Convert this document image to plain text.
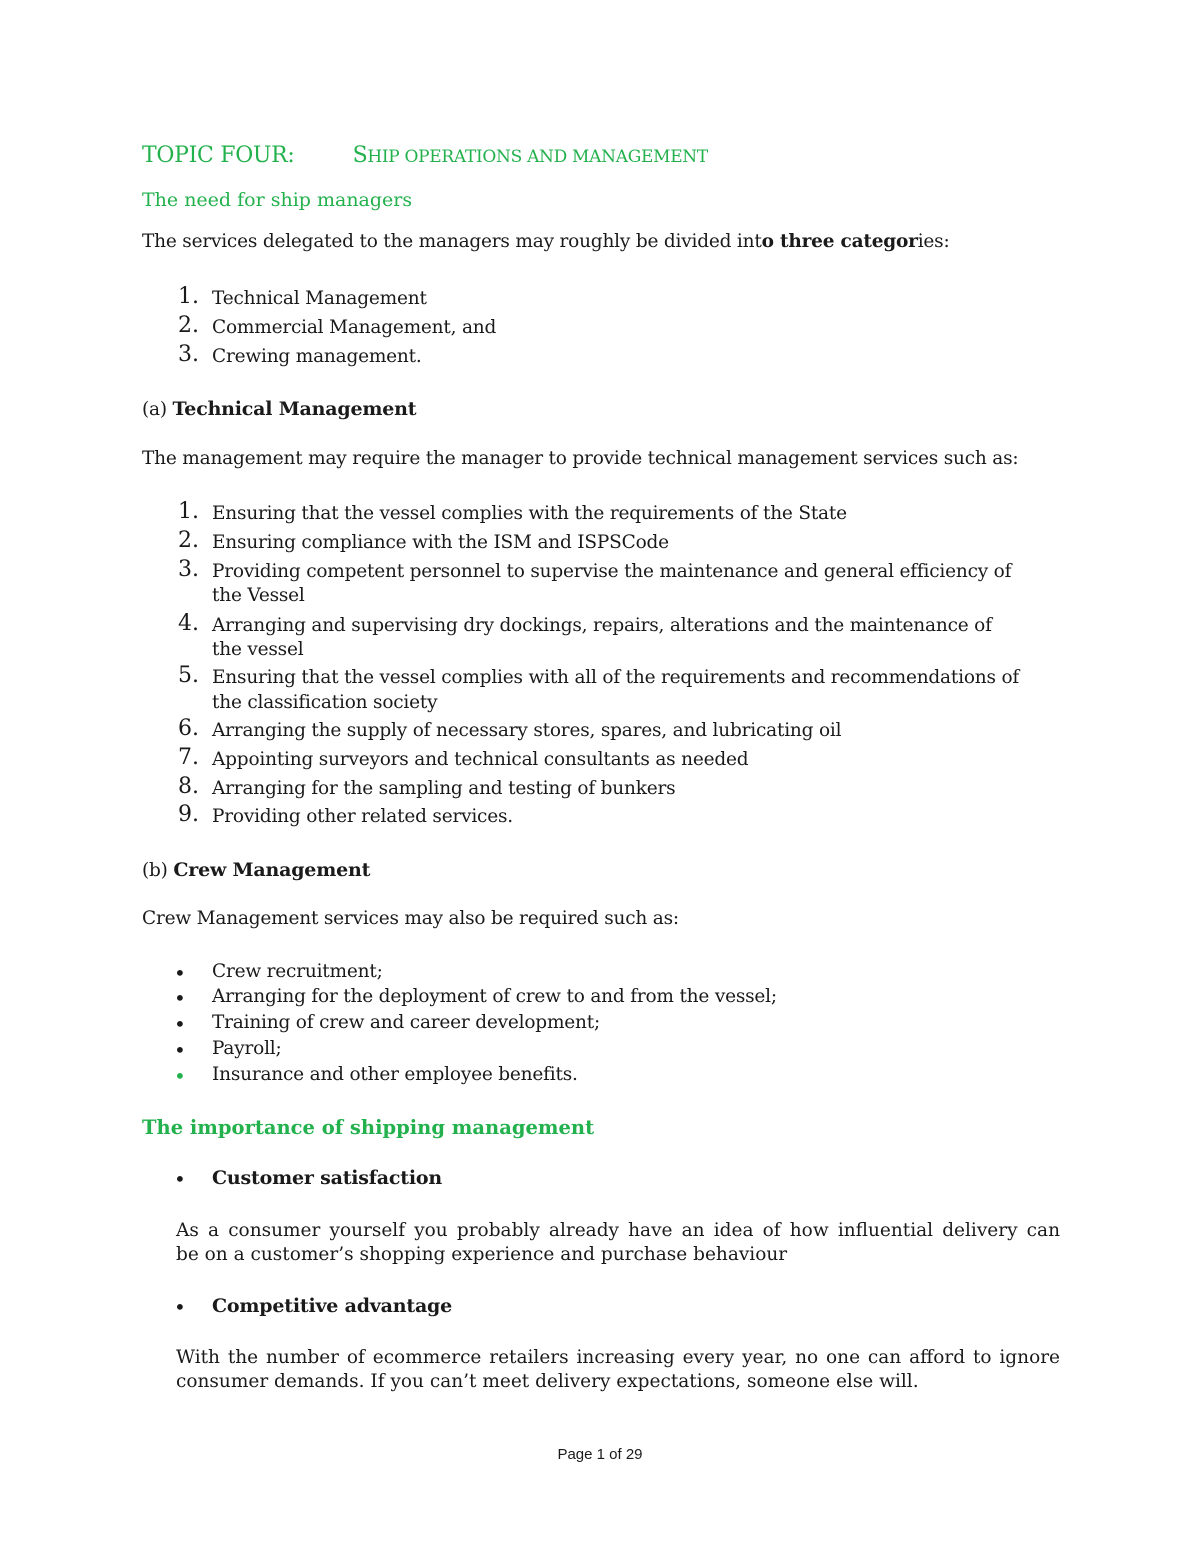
TOPIC FOUR:	SHIP OPERATIONS AND MANAGEMENT
The need for ship managers
The services delegated to the managers may roughly be divided into three categories:
1. Technical Management
2. Commercial Management, and
3. Crewing management.
(a) Technical Management
The management may require the manager to provide technical management services such as:
1. Ensuring that the vessel complies with the requirements of the State
2. Ensuring compliance with the ISM and ISPSCode
3. Providing competent personnel to supervise the maintenance and general efficiency of
the Vessel
4. Arranging and supervising dry dockings, repairs, alterations and the maintenance of
the vessel
5. Ensuring that the vessel complies with all of the requirements and recommendations of
the classification society
6. Arranging the supply of necessary stores, spares, and lubricating oil
7. Appointing surveyors and technical consultants as needed
8. Arranging for the sampling and testing of bunkers
9. Providing other related services.
(b) Crew Management
Crew Management services may also be required such as:
• Crew recruitment;
• Arranging for the deployment of crew to and from the vessel;
• Training of crew and career development;
• Payroll;
• Insurance and other employee benefits.
The importance of shipping management
• Customer satisfaction
As a consumer yourself you probably already have an idea of how influential delivery can
be on a customer’s shopping experience and purchase behaviour
• Competitive advantage
With the number of ecommerce retailers increasing every year, no one can afford to ignore
consumer demands. If you can’t meet delivery expectations, someone else will.
Page 1 of 29
